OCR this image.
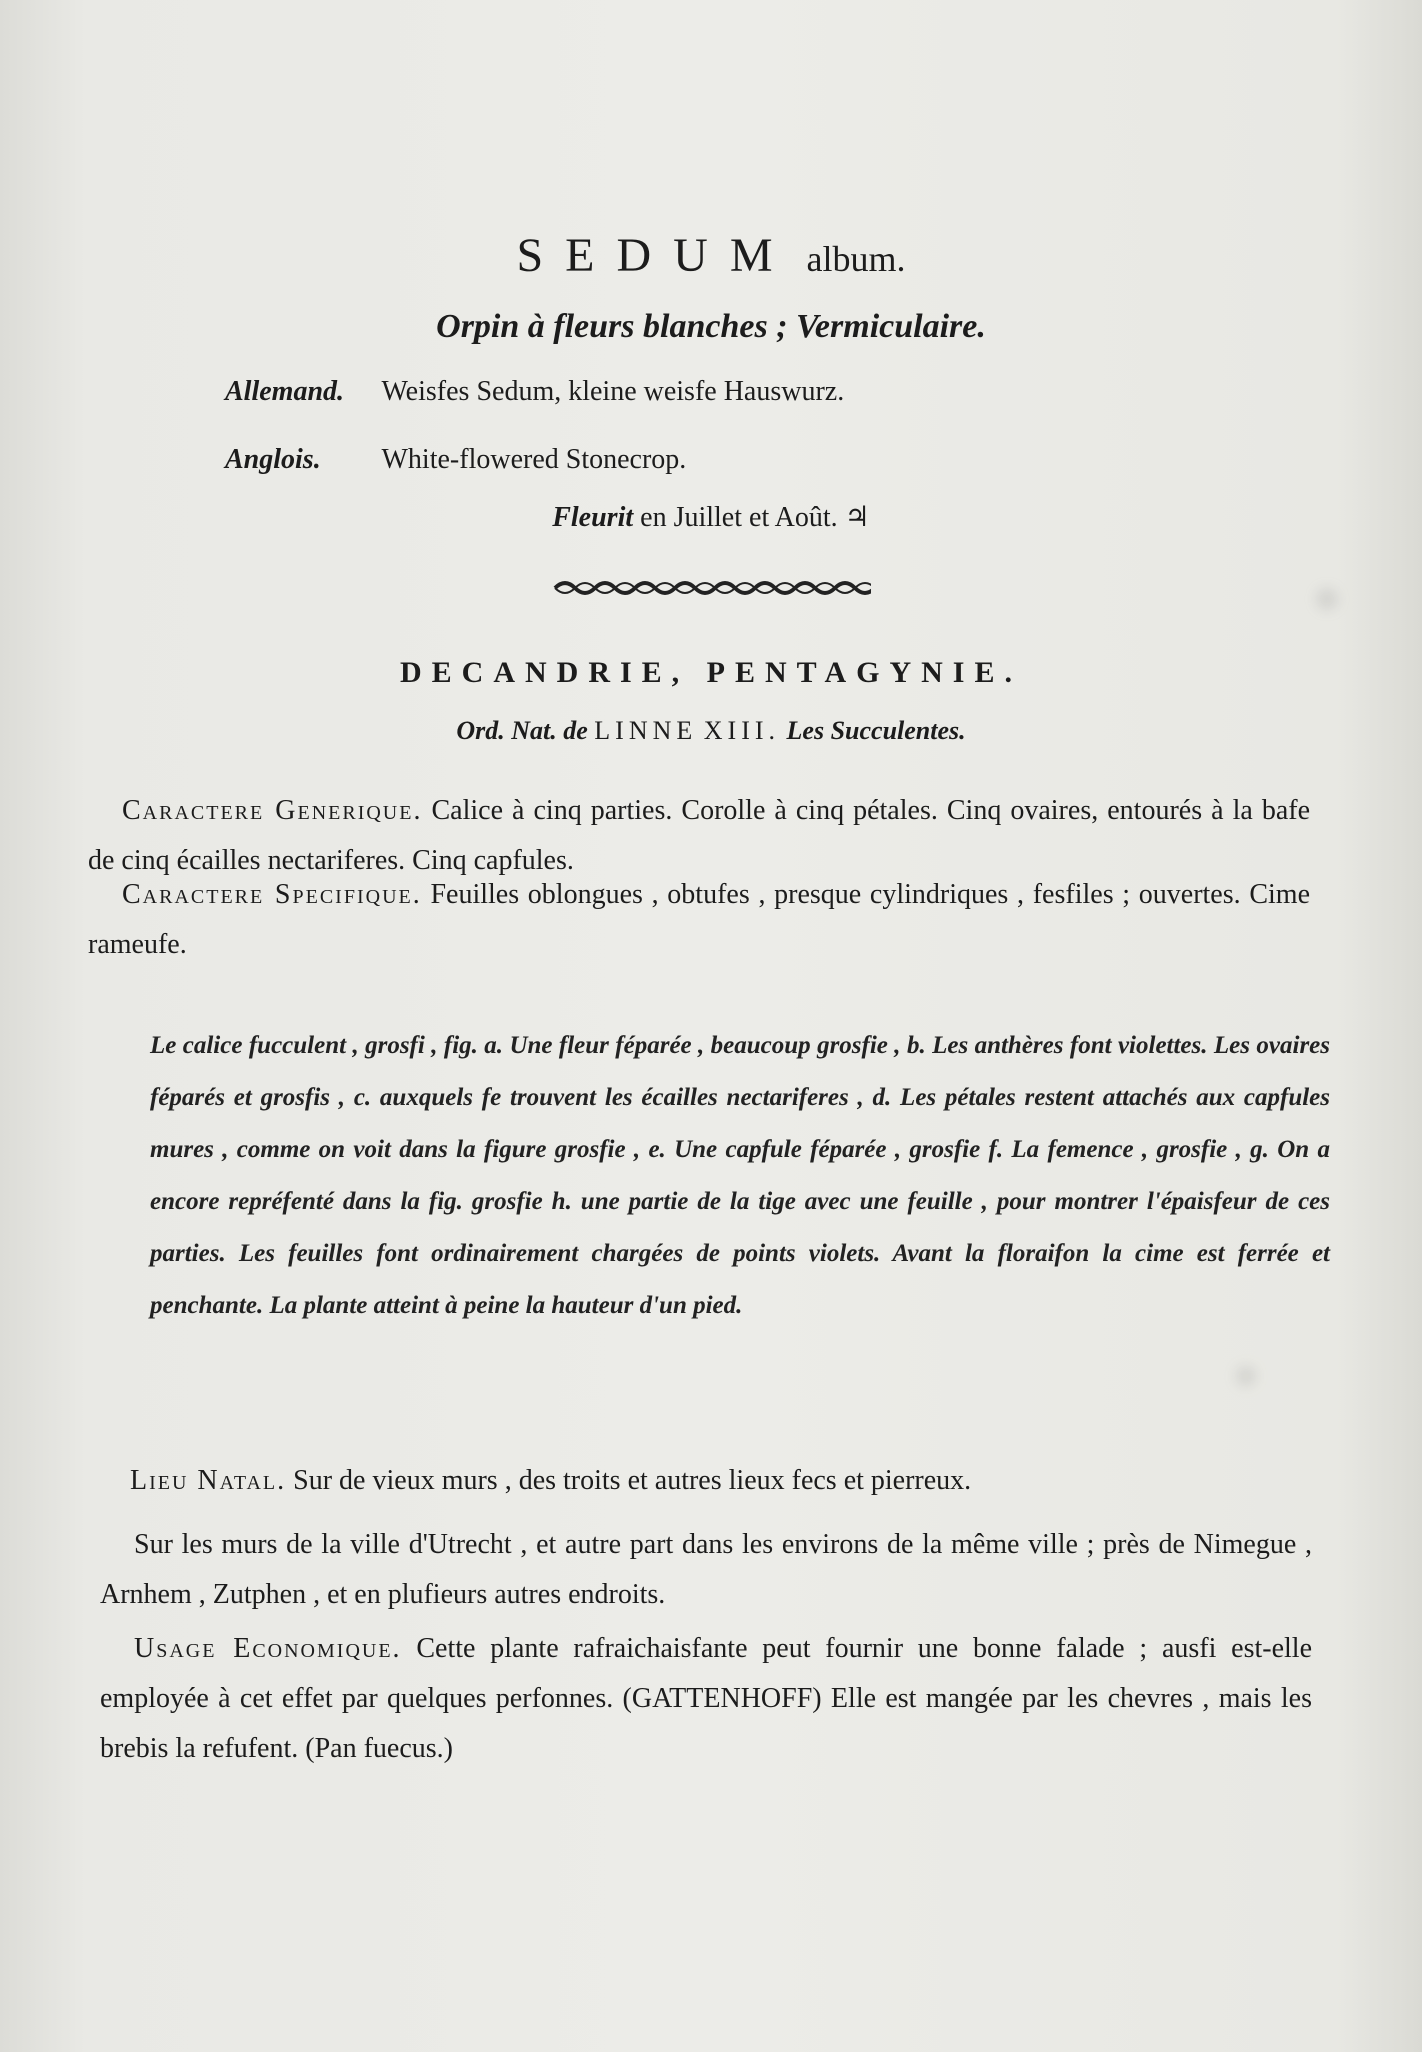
SEDUM album.
Orpin à fleurs blanches ; Vermiculaire.
Allemand. Weisfes Sedum, kleine weisfe Hauswurz.
Anglois. White-flowered Stonecrop.
Fleurit en Juillet et Août. ♃
DECANDRIE, PENTAGYNIE.
Ord. Nat. de LINNE XIII. Les Succulentes.
Caractere Generique. Calice à cinq parties. Corolle à cinq pétales. Cinq ovaires, entourés à la bafe de cinq écailles nectariferes. Cinq capfules.
Caractere Specifique. Feuilles oblongues , obtufes , presque cylindriques , fesfiles ; ouvertes. Cime rameufe.
Le calice fucculent , grosfi , fig. a. Une fleur féparée , beaucoup grosfie , b. Les anthères font violettes. Les ovaires féparés et grosfis , c. auxquels fe trouvent les écailles nectariferes , d. Les pétales restent attachés aux capfules mures , comme on voit dans la figure grosfie , e. Une capfule féparée , grosfie f. La femence , grosfie , g. On a encore repréfenté dans la fig. grosfie h. une partie de la tige avec une feuille , pour montrer l'épaisfeur de ces parties. Les feuilles font ordinairement chargées de points violets. Avant la floraifon la cime est ferrée et penchante. La plante atteint à peine la hauteur d'un pied.
Lieu Natal. Sur de vieux murs , des troits et autres lieux fecs et pierreux.
Sur les murs de la ville d'Utrecht , et autre part dans les environs de la même ville ; près de Nimegue , Arnhem , Zutphen , et en plufieurs autres endroits.
Usage Economique. Cette plante rafraichaisfante peut fournir une bonne falade ; ausfi est-elle employée à cet effet par quelques perfonnes. (GATTENHOFF) Elle est mangée par les chevres , mais les brebis la refufent. (Pan fuecus.)
